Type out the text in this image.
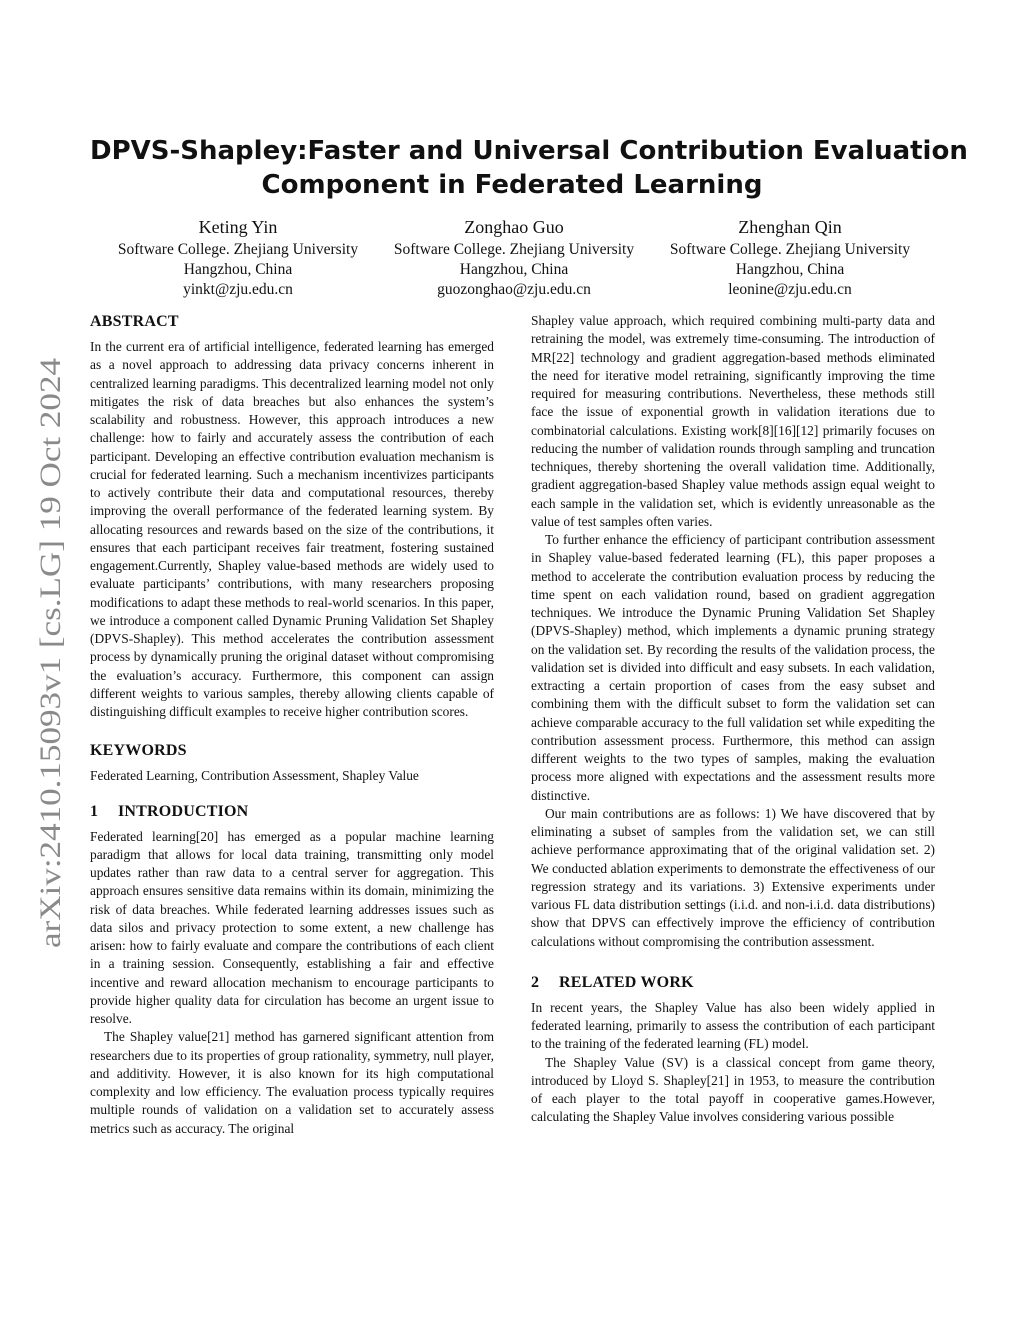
arXiv:2410.15093v1 [cs.LG] 19 Oct 2024
DPVS-Shapley:Faster and Universal Contribution Evaluation
Component in Federated Learning
Keting Yin
Software College. Zhejiang University
Hangzhou, China
yinkt@zju.edu.cn
Zonghao Guo
Software College. Zhejiang University
Hangzhou, China
guozonghao@zju.edu.cn
Zhenghan Qin
Software College. Zhejiang University
Hangzhou, China
leonine@zju.edu.cn
ABSTRACT

In the current era of artificial intelligence, federated learning has emerged as a novel approach to addressing data privacy concerns inherent in centralized learning paradigms. This decentralized learning model not only mitigates the risk of data breaches but also enhances the system’s scalability and robustness. However, this approach introduces a new challenge: how to fairly and accurately assess the contribution of each participant. Developing an effective contribution evaluation mechanism is crucial for federated learning. Such a mechanism incentivizes participants to actively contribute their data and computational resources, thereby improving the overall performance of the federated learning system. By allocating resources and rewards based on the size of the contributions, it ensures that each participant receives fair treatment, fostering sustained engagement.Currently, Shapley value-based methods are widely used to evaluate participants’ contributions, with many researchers proposing modifications to adapt these methods to real-world scenarios. In this paper, we introduce a component called Dynamic Pruning Validation Set Shapley (DPVS-Shapley). This method accelerates the contribution assessment process by dynamically pruning the original dataset without compromising the evaluation’s accuracy. Furthermore, this component can assign different weights to various samples, thereby allowing clients capable of distinguishing difficult examples to receive higher contribution scores.

KEYWORDS

Federated Learning, Contribution Assessment, Shapley Value

1 INTRODUCTION

Federated learning[20] has emerged as a popular machine learning paradigm that allows for local data training, transmitting only model updates rather than raw data to a central server for aggregation. This approach ensures sensitive data remains within its domain, minimizing the risk of data breaches. While federated learning addresses issues such as data silos and privacy protection to some extent, a new challenge has arisen: how to fairly evaluate and compare the contributions of each client in a training session. Consequently, establishing a fair and effective incentive and reward allocation mechanism to encourage participants to provide higher quality data for circulation has become an urgent issue to resolve.

The Shapley value[21] method has garnered significant attention from researchers due to its properties of group rationality, symmetry, null player, and additivity. However, it is also known for its high computational complexity and low efficiency. The evaluation process typically requires multiple rounds of validation on a validation set to accurately assess metrics such as accuracy. The original

Shapley value approach, which required combining multi-party data and retraining the model, was extremely time-consuming. The introduction of MR[22] technology and gradient aggregation-based methods eliminated the need for iterative model retraining, significantly improving the time required for measuring contributions. Nevertheless, these methods still face the issue of exponential growth in validation iterations due to combinatorial calculations. Existing work[8][16][12] primarily focuses on reducing the number of validation rounds through sampling and truncation techniques, thereby shortening the overall validation time. Additionally, gradient aggregation-based Shapley value methods assign equal weight to each sample in the validation set, which is evidently unreasonable as the value of test samples often varies.

To further enhance the efficiency of participant contribution assessment in Shapley value-based federated learning (FL), this paper proposes a method to accelerate the contribution evaluation process by reducing the time spent on each validation round, based on gradient aggregation techniques. We introduce the Dynamic Pruning Validation Set Shapley (DPVS-Shapley) method, which implements a dynamic pruning strategy on the validation set. By recording the results of the validation process, the validation set is divided into difficult and easy subsets. In each validation, extracting a certain proportion of cases from the easy subset and combining them with the difficult subset to form the validation set can achieve comparable accuracy to the full validation set while expediting the contribution assessment process. Furthermore, this method can assign different weights to the two types of samples, making the evaluation process more aligned with expectations and the assessment results more distinctive.

Our main contributions are as follows: 1) We have discovered that by eliminating a subset of samples from the validation set, we can still achieve performance approximating that of the original validation set. 2) We conducted ablation experiments to demonstrate the effectiveness of our regression strategy and its variations. 3) Extensive experiments under various FL data distribution settings (i.i.d. and non-i.i.d. data distributions) show that DPVS can effectively improve the efficiency of contribution calculations without compromising the contribution assessment.

2 RELATED WORK

In recent years, the Shapley Value has also been widely applied in federated learning, primarily to assess the contribution of each participant to the training of the federated learning (FL) model.

The Shapley Value (SV) is a classical concept from game theory, introduced by Lloyd S. Shapley[21] in 1953, to measure the contribution of each player to the total payoff in cooperative games.However, calculating the Shapley Value involves considering various possible
